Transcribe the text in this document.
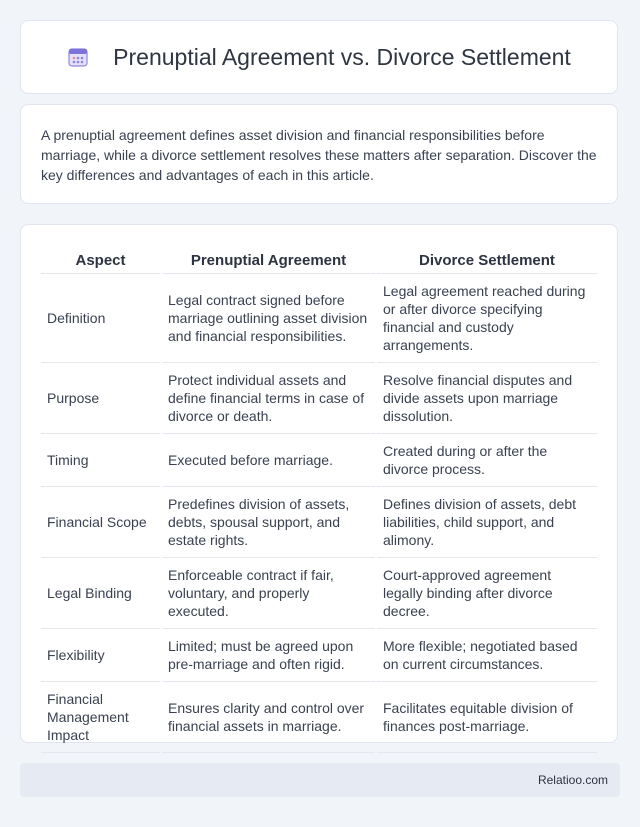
Prenuptial Agreement vs. Divorce Settlement

A prenuptial agreement defines asset division and financial responsibilities before marriage, while a divorce settlement resolves these matters after separation. Discover the key differences and advantages of each in this article.

Aspect	Prenuptial Agreement	Divorce Settlement
Definition	Legal contract signed before marriage outlining asset division and financial responsibilities.	Legal agreement reached during or after divorce specifying financial and custody arrangements.
Purpose	Protect individual assets and define financial terms in case of divorce or death.	Resolve financial disputes and divide assets upon marriage dissolution.
Timing	Executed before marriage.	Created during or after the divorce process.
Financial Scope	Predefines division of assets, debts, spousal support, and estate rights.	Defines division of assets, debt liabilities, child support, and alimony.
Legal Binding	Enforceable contract if fair, voluntary, and properly executed.	Court-approved agreement legally binding after divorce decree.
Flexibility	Limited; must be agreed upon pre-marriage and often rigid.	More flexible; negotiated based on current circumstances.
Financial Management Impact	Ensures clarity and control over financial assets in marriage.	Facilitates equitable division of finances post-marriage.
Relatioo.com
